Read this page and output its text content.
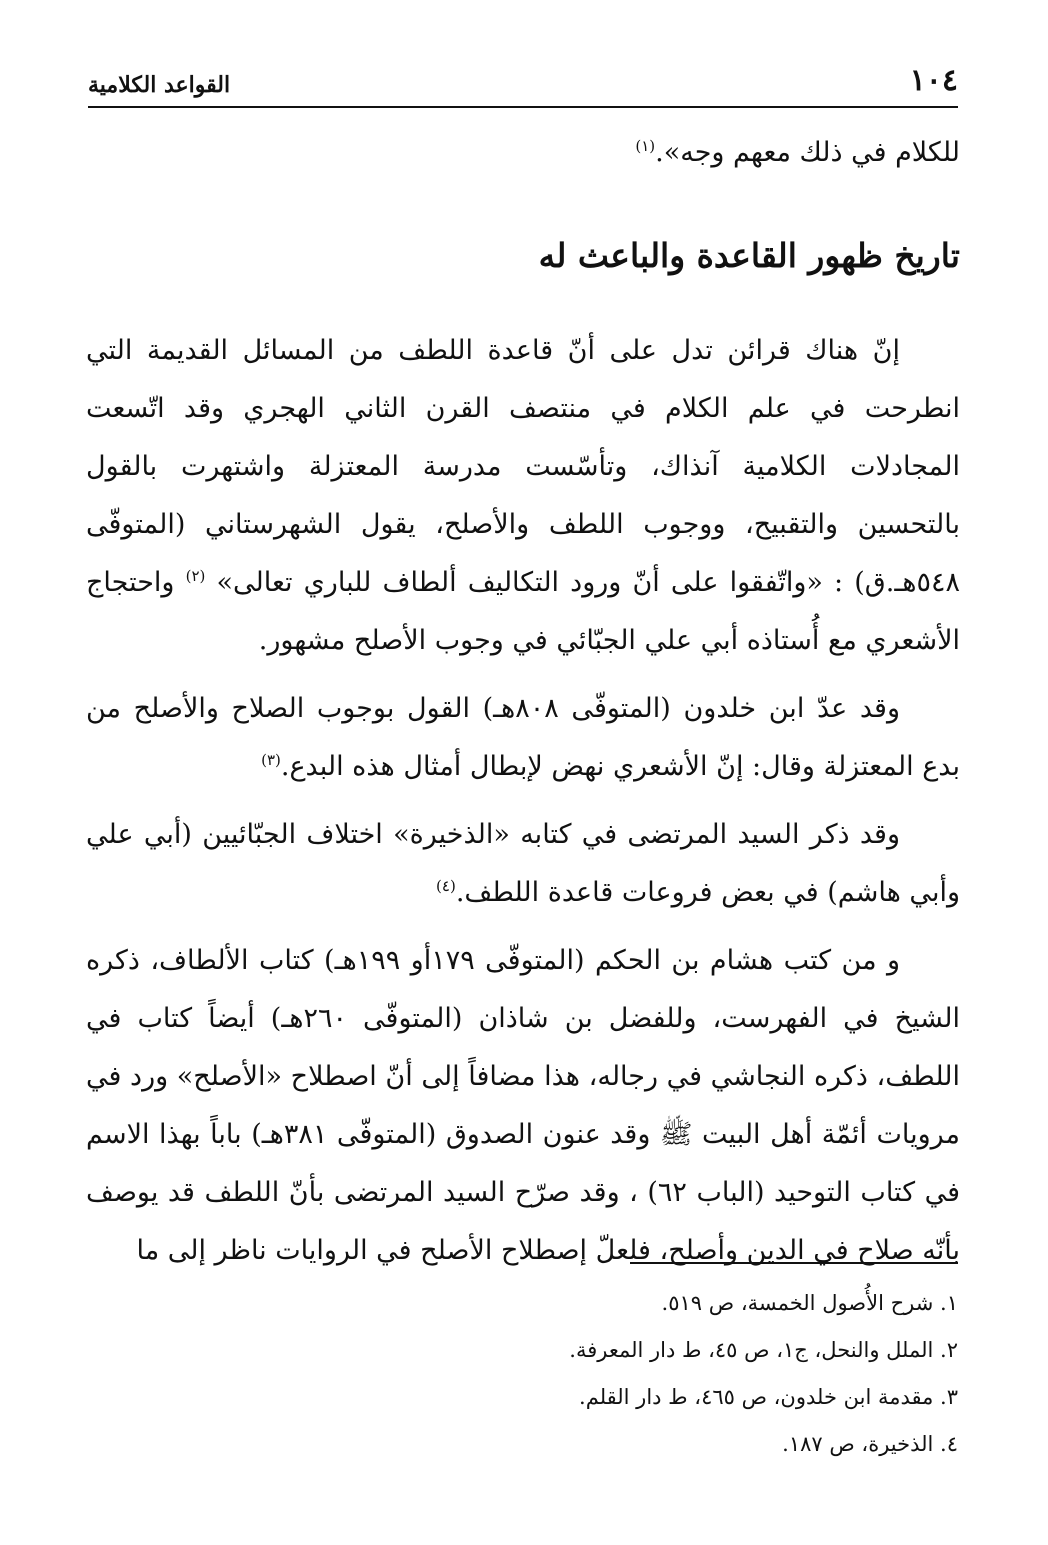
١٠٤
القواعد الكلامية

للكلام في ذلك معهم وجه».$^{(١)}$

تاريخ ظهور القاعدة والباعث له

إنّ هناك قرائن تدل على أنّ قاعدة اللطف من المسائل القديمة التي انطرحت في علم الكلام في منتصف القرن الثاني الهجري وقد اتّسعت المجادلات الكلامية آنذاك، وتأسّست مدرسة المعتزلة واشتهرت بالقول بالتحسين والتقبيح، ووجوب اللطف والأصلح، يقول الشهرستاني (المتوفّى ٥٤٨هـ.ق) : «واتّفقوا على أنّ ورود التكاليف ألطاف للباري تعالى» $^{(٢)}$ واحتجاج الأشعري مع أُستاذه أبي علي الجبّائي في وجوب الأصلح مشهور.

وقد عدّ ابن خلدون (المتوفّى ٨٠٨هـ) القول بوجوب الصلاح والأصلح من بدع المعتزلة وقال: إنّ الأشعري نهض لإبطال أمثال هذه البدع.$^{(٣)}$

وقد ذكر السيد المرتضى في كتابه «الذخيرة» اختلاف الجبّائيين (أبي علي وأبي هاشم) في بعض فروعات قاعدة اللطف.$^{(٤)}$

و من كتب هشام بن الحكم (المتوفّى ١٧٩أو ١٩٩هـ) كتاب الألطاف، ذكره الشيخ في الفهرست، وللفضل بن شاذان (المتوفّى ٢٦٠هـ) أيضاً كتاب في اللطف، ذكره النجاشي في رجاله، هذا مضافاً إلى أنّ اصطلاح «الأصلح» ورد في مرويات أئمّة أهل البيت ﷺ وقد عنون الصدوق (المتوفّى ٣٨١هـ) باباً بهذا الاسم في كتاب التوحيد (الباب ٦٢) ، وقد صرّح السيد المرتضى بأنّ اللطف قد يوصف بأنّه صلاح في الدين وأصلح، فلعلّ إصطلاح الأصلح في الروايات ناظر إلى ما

١. شرح الأُصول الخمسة، ص ٥١٩.

٢. الملل والنحل، ج١، ص ٤٥، ط دار المعرفة.

٣. مقدمة ابن خلدون، ص ٤٦٥، ط دار القلم.

٤. الذخيرة، ص ١٨٧.
